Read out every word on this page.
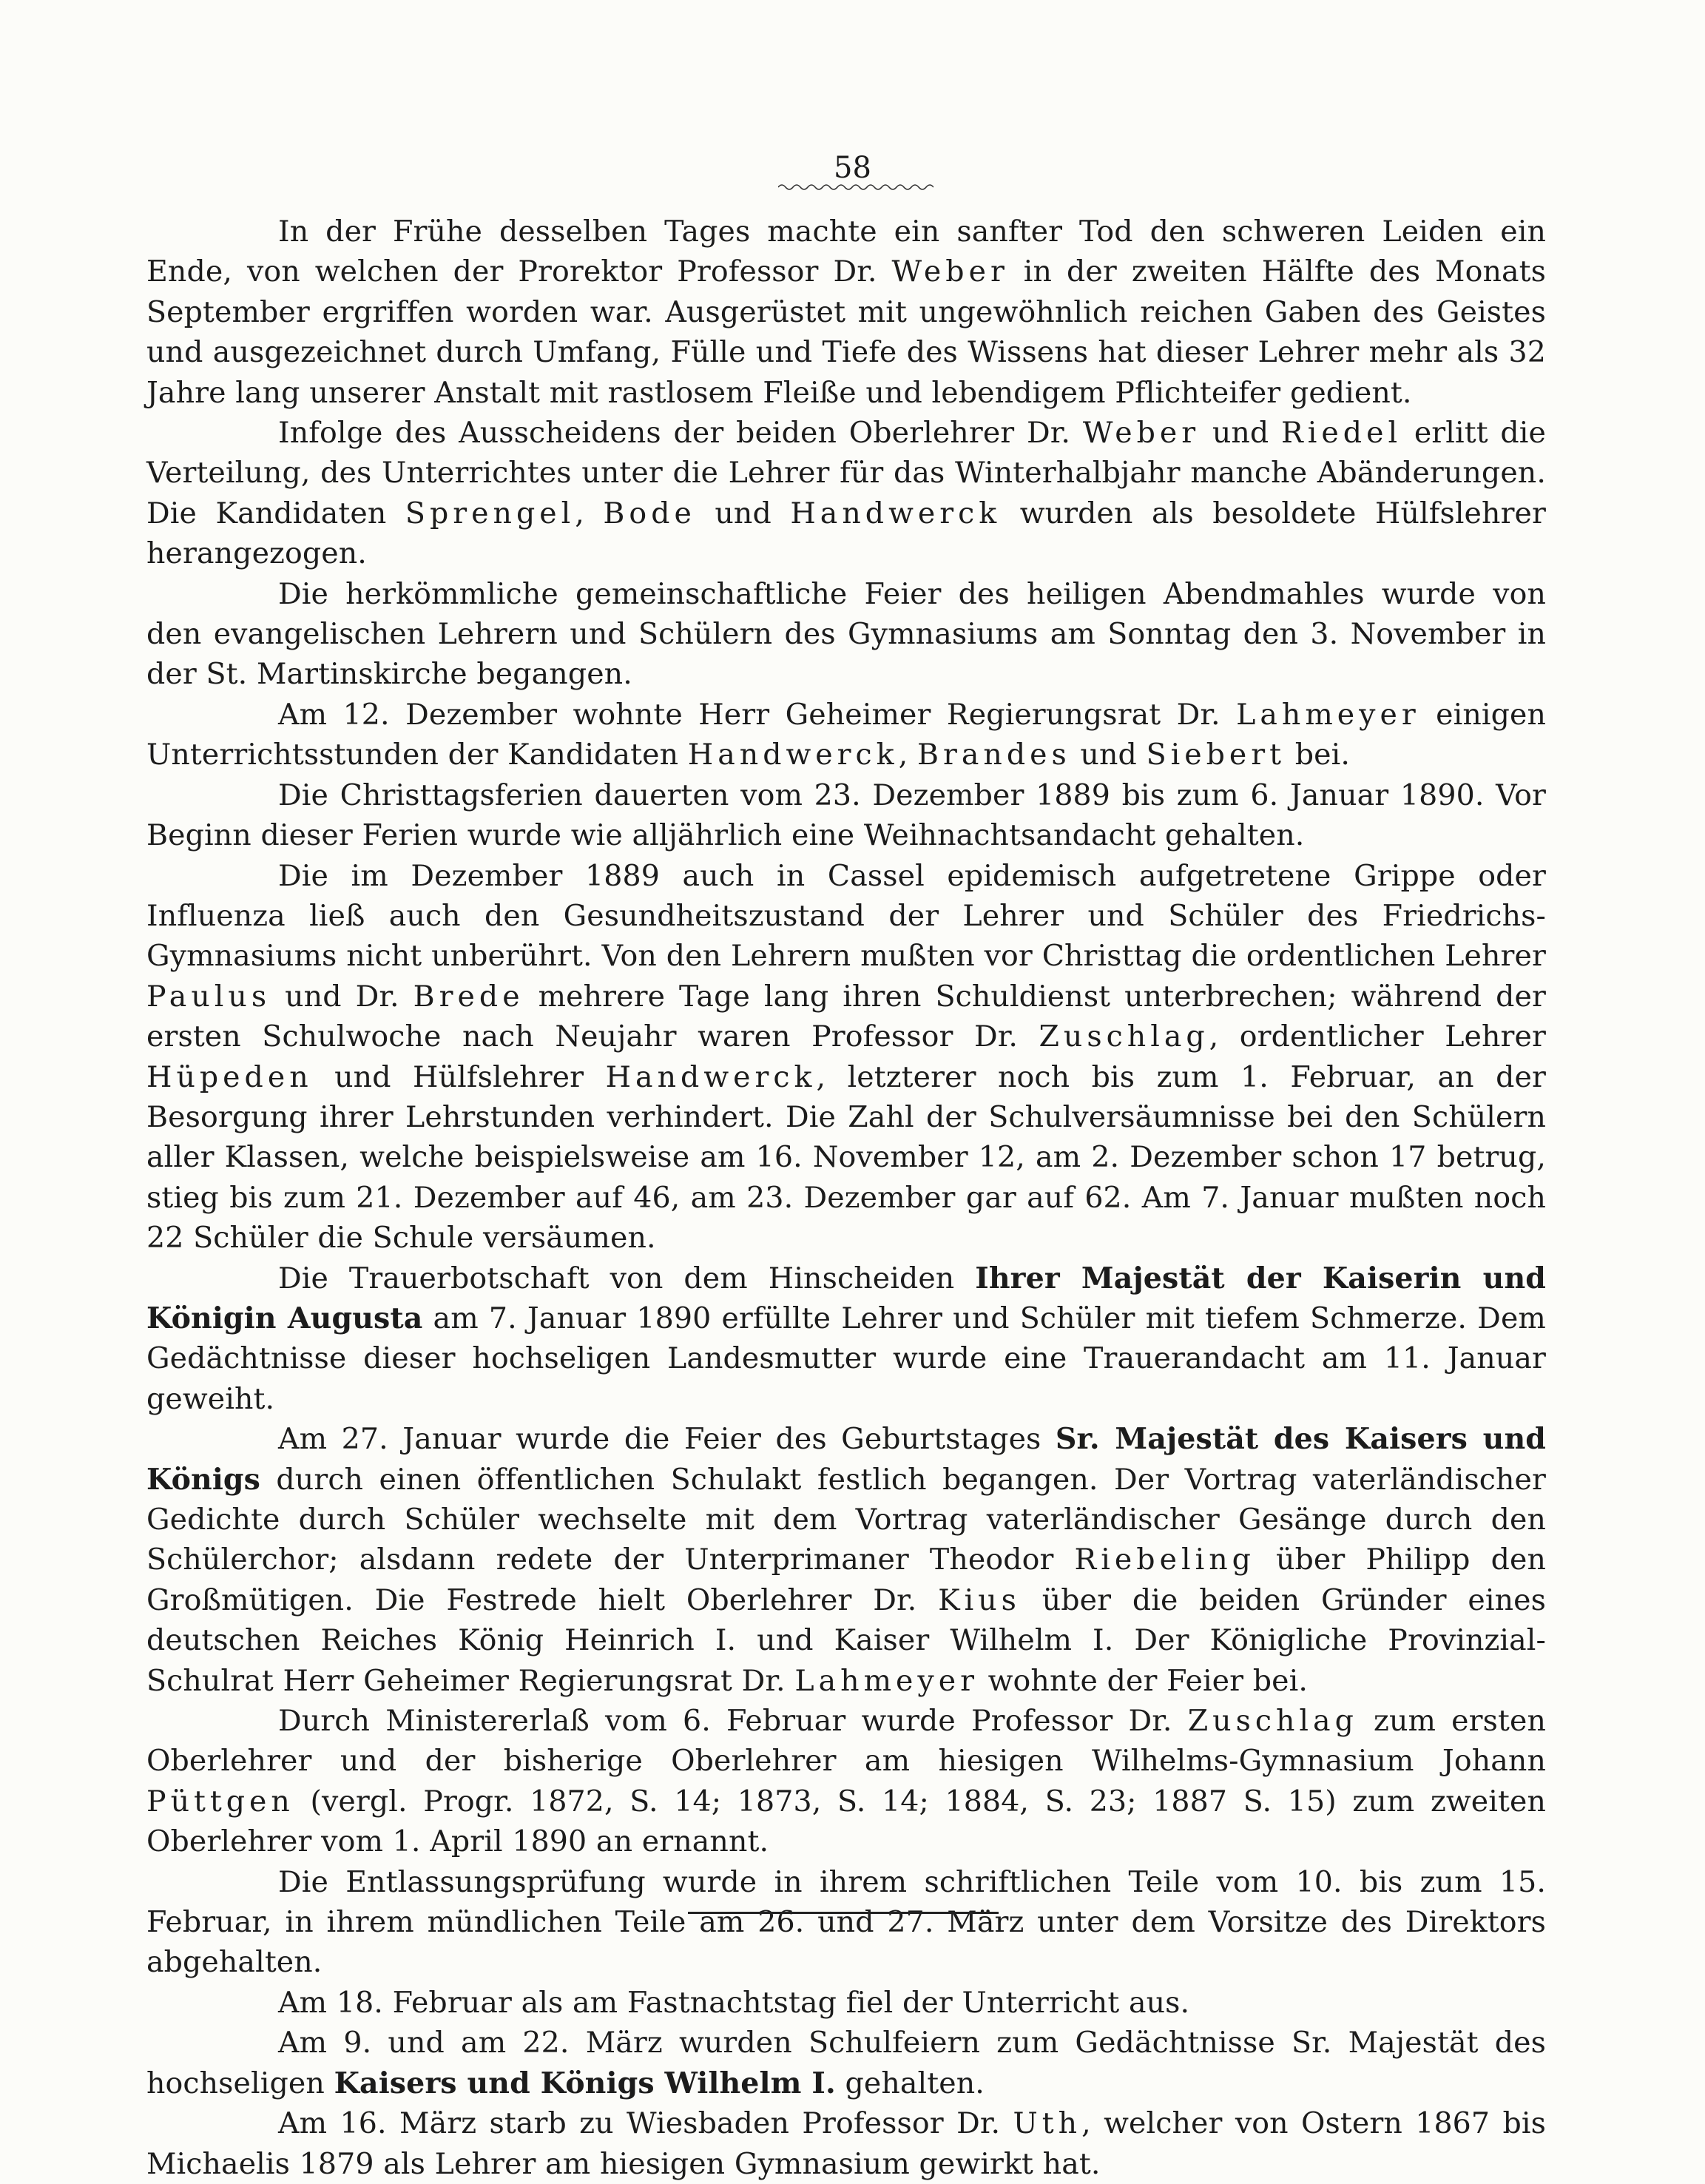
58

In der Frühe desselben Tages machte ein sanfter Tod den schweren Leiden ein Ende, von welchen der Prorektor Professor Dr. Weber in der zweiten Hälfte des Monats September ergriffen worden war. Ausgerüstet mit ungewöhnlich reichen Gaben des Geistes und ausgezeichnet durch Umfang, Fülle und Tiefe des Wissens hat dieser Lehrer mehr als 32 Jahre lang unserer Anstalt mit rastlosem Fleiße und lebendigem Pflichteifer gedient.

Infolge des Ausscheidens der beiden Oberlehrer Dr. Weber und Riedel erlitt die Verteilung, des Unterrichtes unter die Lehrer für das Winterhalbjahr manche Abänderungen. Die Kandidaten Sprengel, Bode und Handwerck wurden als besoldete Hülfslehrer herangezogen.

Die herkömmliche gemeinschaftliche Feier des heiligen Abendmahles wurde von den evangelischen Lehrern und Schülern des Gymnasiums am Sonntag den 3. November in der St. Martinskirche begangen.

Am 12. Dezember wohnte Herr Geheimer Regierungsrat Dr. Lahmeyer einigen Unterrichtsstunden der Kandidaten Handwerck, Brandes und Siebert bei.

Die Christtagsferien dauerten vom 23. Dezember 1889 bis zum 6. Januar 1890. Vor Beginn dieser Ferien wurde wie alljährlich eine Weihnachtsandacht gehalten.

Die im Dezember 1889 auch in Cassel epidemisch aufgetretene Grippe oder Influenza ließ auch den Gesundheitszustand der Lehrer und Schüler des Friedrichs-Gymnasiums nicht unberührt. Von den Lehrern mußten vor Christtag die ordentlichen Lehrer Paulus und Dr. Brede mehrere Tage lang ihren Schuldienst unterbrechen; während der ersten Schulwoche nach Neujahr waren Professor Dr. Zuschlag, ordentlicher Lehrer Hüpeden und Hülfslehrer Handwerck, letzterer noch bis zum 1. Februar, an der Besorgung ihrer Lehrstunden verhindert. Die Zahl der Schulversäumnisse bei den Schülern aller Klassen, welche beispielsweise am 16. November 12, am 2. Dezember schon 17 betrug, stieg bis zum 21. Dezember auf 46, am 23. Dezember gar auf 62. Am 7. Januar mußten noch 22 Schüler die Schule versäumen.

Die Trauerbotschaft von dem Hinscheiden Ihrer Majestät der Kaiserin und Königin Augusta am 7. Januar 1890 erfüllte Lehrer und Schüler mit tiefem Schmerze. Dem Gedächtnisse dieser hochseligen Landesmutter wurde eine Trauerandacht am 11. Januar geweiht.

Am 27. Januar wurde die Feier des Geburtstages Sr. Majestät des Kaisers und Königs durch einen öffentlichen Schulakt festlich begangen. Der Vortrag vaterländischer Gedichte durch Schüler wechselte mit dem Vortrag vaterländischer Gesänge durch den Schülerchor; alsdann redete der Unterprimaner Theodor Riebeling über Philipp den Großmütigen. Die Festrede hielt Oberlehrer Dr. Kius über die beiden Gründer eines deutschen Reiches König Heinrich I. und Kaiser Wilhelm I. Der Königliche Provinzial-Schulrat Herr Geheimer Regierungsrat Dr. Lahmeyer wohnte der Feier bei.

Durch Ministererlaß vom 6. Februar wurde Professor Dr. Zuschlag zum ersten Oberlehrer und der bisherige Oberlehrer am hiesigen Wilhelms-Gymnasium Johann Püttgen (vergl. Progr. 1872, S. 14; 1873, S. 14; 1884, S. 23; 1887 S. 15) zum zweiten Oberlehrer vom 1. April 1890 an ernannt.

Die Entlassungsprüfung wurde in ihrem schriftlichen Teile vom 10. bis zum 15. Februar, in ihrem mündlichen Teile am 26. und 27. März unter dem Vorsitze des Direktors abgehalten.

Am 18. Februar als am Fastnachtstag fiel der Unterricht aus.

Am 9. und am 22. März wurden Schulfeiern zum Gedächtnisse Sr. Majestät des hochseligen Kaisers und Königs Wilhelm I. gehalten.

Am 16. März starb zu Wiesbaden Professor Dr. Uth, welcher von Ostern 1867 bis Michaelis 1879 als Lehrer am hiesigen Gymnasium gewirkt hat.
